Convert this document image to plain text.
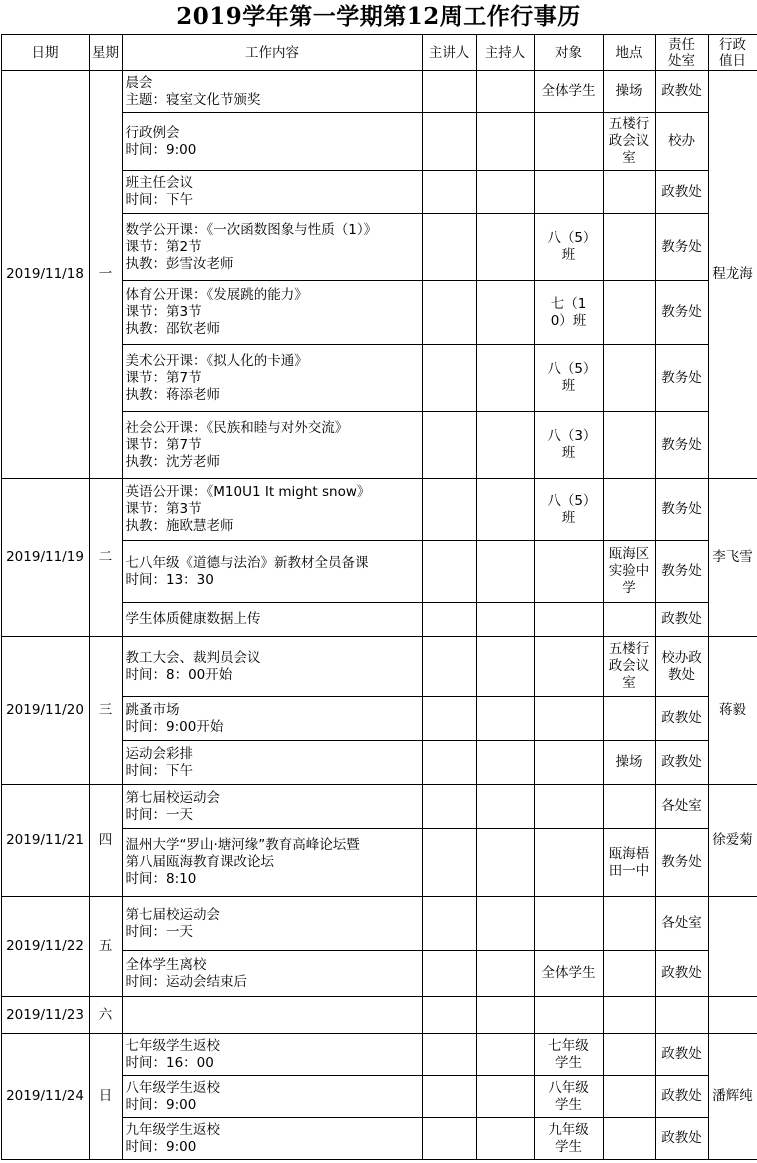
2019学年第一学期第12周工作行事历
日期	星期	工作内容	主讲人	主持人	对象	地点	责任处室	行政值日

2019/11/18	一	晨会
主题：寝室文化节颁奖			全体学生	操场	政教处	程龙海

		行政例会
时间：9:00				五楼行政会议室	校办	

		班主任会议
时间：下午					政教处	

		数学公开课：《一次函数图象与性质（1）》
课节：第2节
执教：彭雪汝老师			八（5）班		教务处	

		体育公开课：《发展跳的能力》
课节：第3节
执教：邵钦老师			七（10）班		教务处	

		美术公开课：《拟人化的卡通》
课节：第7节
执教：蒋添老师			八（5）班		教务处	

		社会公开课：《民族和睦与对外交流》
课节：第7节
执教：沈芳老师			八（3）班		教务处	

2019/11/19	二	英语公开课：《M10U1 It might snow》
课节：第3节
执教：施欧慧老师			八（5）班		教务处	李飞雪

		七八年级《道德与法治》新教材全员备课
时间：13：30				瓯海区实验中学	教务处	

		学生体质健康数据上传					政教处	

2019/11/20	三	教工大会、裁判员会议
时间：8：00开始				五楼行政会议室	校办政教处	蒋毅

		跳蚤市场
时间：9:00开始					政教处	

		运动会彩排
时间：下午				操场	政教处	

2019/11/21	四	第七届校运动会
时间：一天					各处室	徐爱菊

		温州大学“罗山·塘河缘”教育高峰论坛暨
第八届瓯海教育课改论坛
时间：8:10				瓯海梧田一中	教务处	

2019/11/22	五	第七届校运动会
时间：一天					各处室	

		全体学生离校
时间：运动会结束后			全体学生		政教处	

2019/11/23	六							

2019/11/24	日	七年级学生返校
时间：16：00			七年级学生		政教处	潘辉纯

		八年级学生返校
时间：9:00			八年级学生		政教处	

		九年级学生返校
时间：9:00			九年级学生		政教处	
